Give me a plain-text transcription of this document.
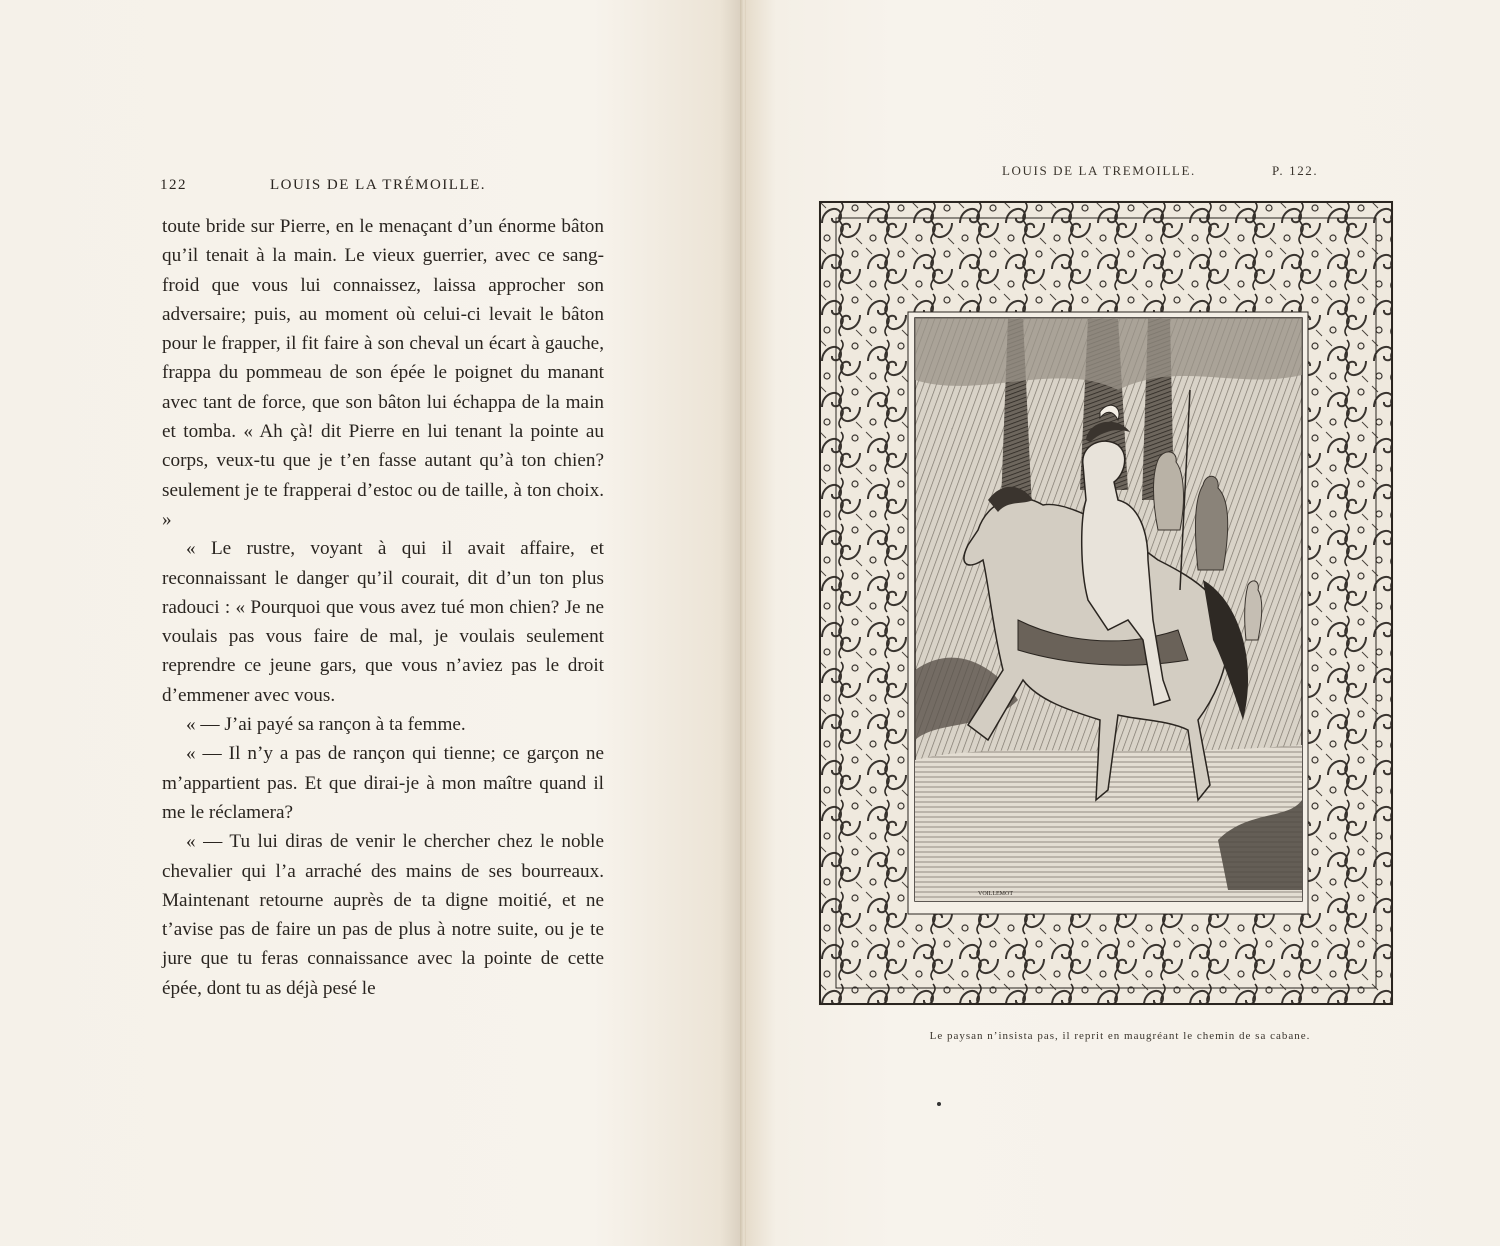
122	LOUIS DE LA TRÉMOILLE.

toute bride sur Pierre, en le menaçant d’un énorme bâton qu’il tenait à la main. Le vieux guerrier, avec ce sang-froid que vous lui connaissez, laissa approcher son adversaire; puis, au moment où celui-ci levait le bâton pour le frapper, il fit faire à son cheval un écart à gauche, frappa du pommeau de son épée le poignet du manant avec tant de force, que son bâton lui échappa de la main et tomba. « Ah çà! dit Pierre en lui tenant la pointe au corps, veux-tu que je t’en fasse autant qu’à ton chien? seulement je te frapperai d’estoc ou de taille, à ton choix. »

« Le rustre, voyant à qui il avait affaire, et reconnaissant le danger qu’il courait, dit d’un ton plus radouci : « Pourquoi que vous avez tué mon chien? Je ne voulais pas vous faire de mal, je voulais seulement reprendre ce jeune gars, que vous n’aviez pas le droit d’emmener avec vous.

« — J’ai payé sa rançon à ta femme.

« — Il n’y a pas de rançon qui tienne; ce garçon ne m’appartient pas. Et que dirai-je à mon maître quand il me le réclamera?

« — Tu lui diras de venir le chercher chez le noble chevalier qui l’a arraché des mains de ses bourreaux. Maintenant retourne auprès de ta digne moitié, et ne t’avise pas de faire un pas de plus à notre suite, ou je te jure que tu feras connaissance avec la pointe de cette épée, dont tu as déjà pesé le

LOUIS DE LA TREMOILLE.	P. 122.
VOILLEMOT
Le paysan n’insista pas, il reprit en maugréant le chemin de sa cabane.
